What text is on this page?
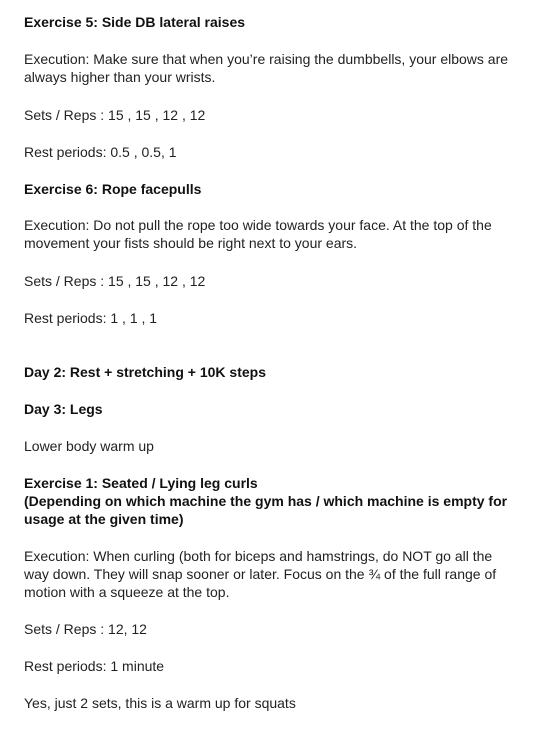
Exercise 5: Side DB lateral raises
Execution: Make sure that when you’re raising the dumbbells, your elbows are always higher than your wrists.
Sets / Reps : 15 , 15 , 12 , 12
Rest periods: 0.5 , 0.5, 1
Exercise 6: Rope facepulls
Execution: Do not pull the rope too wide towards your face. At the top of the movement your fists should be right next to your ears.
Sets / Reps : 15 , 15 , 12 , 12
Rest periods: 1 , 1 , 1
Day 2: Rest + stretching + 10K steps
Day 3: Legs
Lower body warm up
Exercise 1: Seated / Lying leg curls
(Depending on which machine the gym has / which machine is empty for usage at the given time)
Execution: When curling (both for biceps and hamstrings, do NOT go all the way down. They will snap sooner or later. Focus on the ¾ of the full range of motion with a squeeze at the top.
Sets / Reps : 12, 12
Rest periods: 1 minute
Yes, just 2 sets, this is a warm up for squats
